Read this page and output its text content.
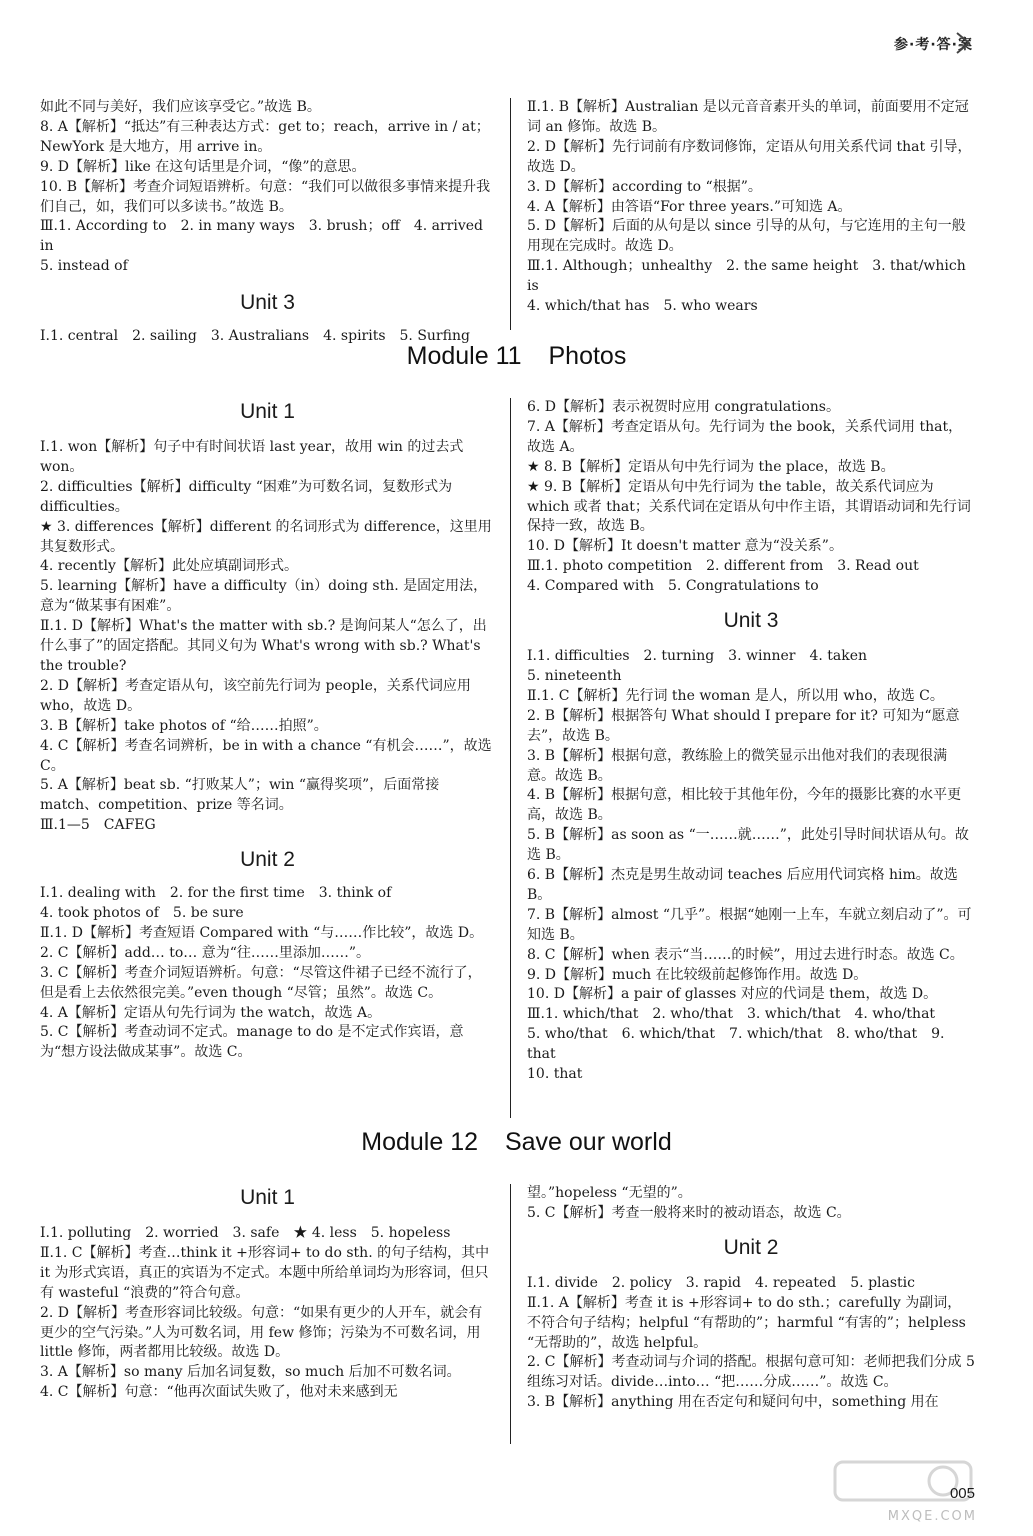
参·考·答·案

如此不同与美好，我们应该享受它。”故选 B。

8. A【解析】“抵达”有三种表达方式：get to；reach，arrive in / at；NewYork 是大地方，用 arrive in。

9. D【解析】like 在这句话里是介词，“像”的意思。

10. B【解析】考查介词短语辨析。句意：“我们可以做很多事情来提升我们自己，如，我们可以多读书。”故选 B。

Ⅲ.1. According to　2. in many ways　3. brush；off　4. arrived in

5. instead of

Unit 3

Ⅰ.1. central　2. sailing　3. Australians　4. spirits　5. Surfing

Ⅱ.1. B【解析】Australian 是以元音音素开头的单词，前面要用不定冠词 an 修饰。故选 B。

2. D【解析】先行词前有序数词修饰，定语从句用关系代词 that 引导，故选 D。

3. D【解析】according to “根据”。

4. A【解析】由答语“For three years.”可知选 A。

5. D【解析】后面的从句是以 since 引导的从句，与它连用的主句一般用现在完成时。故选 D。

Ⅲ.1. Although；unhealthy　2. the same height　3. that/which is

4. which/that has　5. who wears

Module 11 Photos
Unit 1

Ⅰ.1. won【解析】句子中有时间状语 last year，故用 win 的过去式 won。

2. difficulties【解析】difficulty “困难”为可数名词，复数形式为 difficulties。

★ 3. differences【解析】different 的名词形式为 difference，这里用其复数形式。

4. recently【解析】此处应填副词形式。

5. learning【解析】have a difficulty（in）doing sth. 是固定用法，意为“做某事有困难”。

Ⅱ.1. D【解析】What's the matter with sb.? 是询问某人“怎么了，出什么事了”的固定搭配。其同义句为 What's wrong with sb.? What's the trouble?

2. D【解析】考查定语从句，该空前先行词为 people，关系代词应用 who，故选 D。

3. B【解析】take photos of “给……拍照”。

4. C【解析】考查名词辨析，be in with a chance “有机会……”，故选 C。

5. A【解析】beat sb. “打败某人”；win “赢得奖项”，后面常接 match、competition、prize 等名词。

Ⅲ.1—5　CAFEG

Unit 2

Ⅰ.1. dealing with　2. for the first time　3. think of

4. took photos of　5. be sure

Ⅱ.1. D【解析】考查短语 Compared with “与……作比较”，故选 D。

2. C【解析】add… to… 意为“往……里添加……”。

3. C【解析】考查介词短语辨析。句意：“尽管这件裙子已经不流行了，但是看上去依然很完美。”even though “尽管；虽然”。故选 C。

4. A【解析】定语从句先行词为 the watch，故选 A。

5. C【解析】考查动词不定式。manage to do 是不定式作宾语，意为“想方设法做成某事”。故选 C。

6. D【解析】表示祝贺时应用 congratulations。

7. A【解析】考查定语从句。先行词为 the book，关系代词用 that，故选 A。

★ 8. B【解析】定语从句中先行词为 the place，故选 B。

★ 9. B【解析】定语从句中先行词为 the table，故关系代词应为 which 或者 that；关系代词在定语从句中作主语，其谓语动词和先行词保持一致，故选 B。

10. D【解析】It doesn't matter 意为“没关系”。

Ⅲ.1. photo competition　2. different from　3. Read out

4. Compared with　5. Congratulations to

Unit 3

Ⅰ.1. difficulties　2. turning　3. winner　4. taken

5. nineteenth

Ⅱ.1. C【解析】先行词 the woman 是人，所以用 who，故选 C。

2. B【解析】根据答句 What should I prepare for it? 可知为“愿意去”，故选 B。

3. B【解析】根据句意，教练脸上的微笑显示出他对我们的表现很满意。故选 B。

4. B【解析】根据句意，相比较于其他年份，今年的摄影比赛的水平更高，故选 B。

5. B【解析】as soon as “一……就……”，此处引导时间状语从句。故选 B。

6. B【解析】杰克是男生故动词 teaches 后应用代词宾格 him。故选 B。

7. B【解析】almost “几乎”。根据“她刚一上车，车就立刻启动了”。可知选 B。

8. C【解析】when 表示“当……的时候”，用过去进行时态。故选 C。

9. D【解析】much 在比较级前起修饰作用。故选 D。

10. D【解析】a pair of glasses 对应的代词是 them，故选 D。

Ⅲ.1. which/that　2. who/that　3. which/that　4. who/that

5. who/that　6. which/that　7. which/that　8. who/that　9. that

10. that

Module 12 Save our world
Unit 1

Ⅰ.1. polluting　2. worried　3. safe　★ 4. less　5. hopeless

Ⅱ.1. C【解析】考查…think it +形容词+ to do sth. 的句子结构，其中 it 为形式宾语，真正的宾语为不定式。本题中所给单词均为形容词，但只有 wasteful “浪费的”符合句意。

2. D【解析】考查形容词比较级。句意：“如果有更少的人开车，就会有更少的空气污染。”人为可数名词，用 few 修饰；污染为不可数名词，用 little 修饰，两者都用比较级。故选 D。

3. A【解析】so many 后加名词复数，so much 后加不可数名词。

4. C【解析】句意：“他再次面试失败了，他对未来感到无

望。”hopeless “无望的”。

5. C【解析】考查一般将来时的被动语态，故选 C。

Unit 2

Ⅰ.1. divide　2. policy　3. rapid　4. repeated　5. plastic

Ⅱ.1. A【解析】考查 it is +形容词+ to do sth.；carefully 为副词，不符合句子结构；helpful “有帮助的”；harmful “有害的”；helpless “无帮助的”，故选 helpful。

2. C【解析】考查动词与介词的搭配。根据句意可知：老师把我们分成 5 组练习对话。divide…into… “把……分成……”。故选 C。

3. B【解析】anything 用在否定句和疑问句中，something 用在

005
MXQE.COM
